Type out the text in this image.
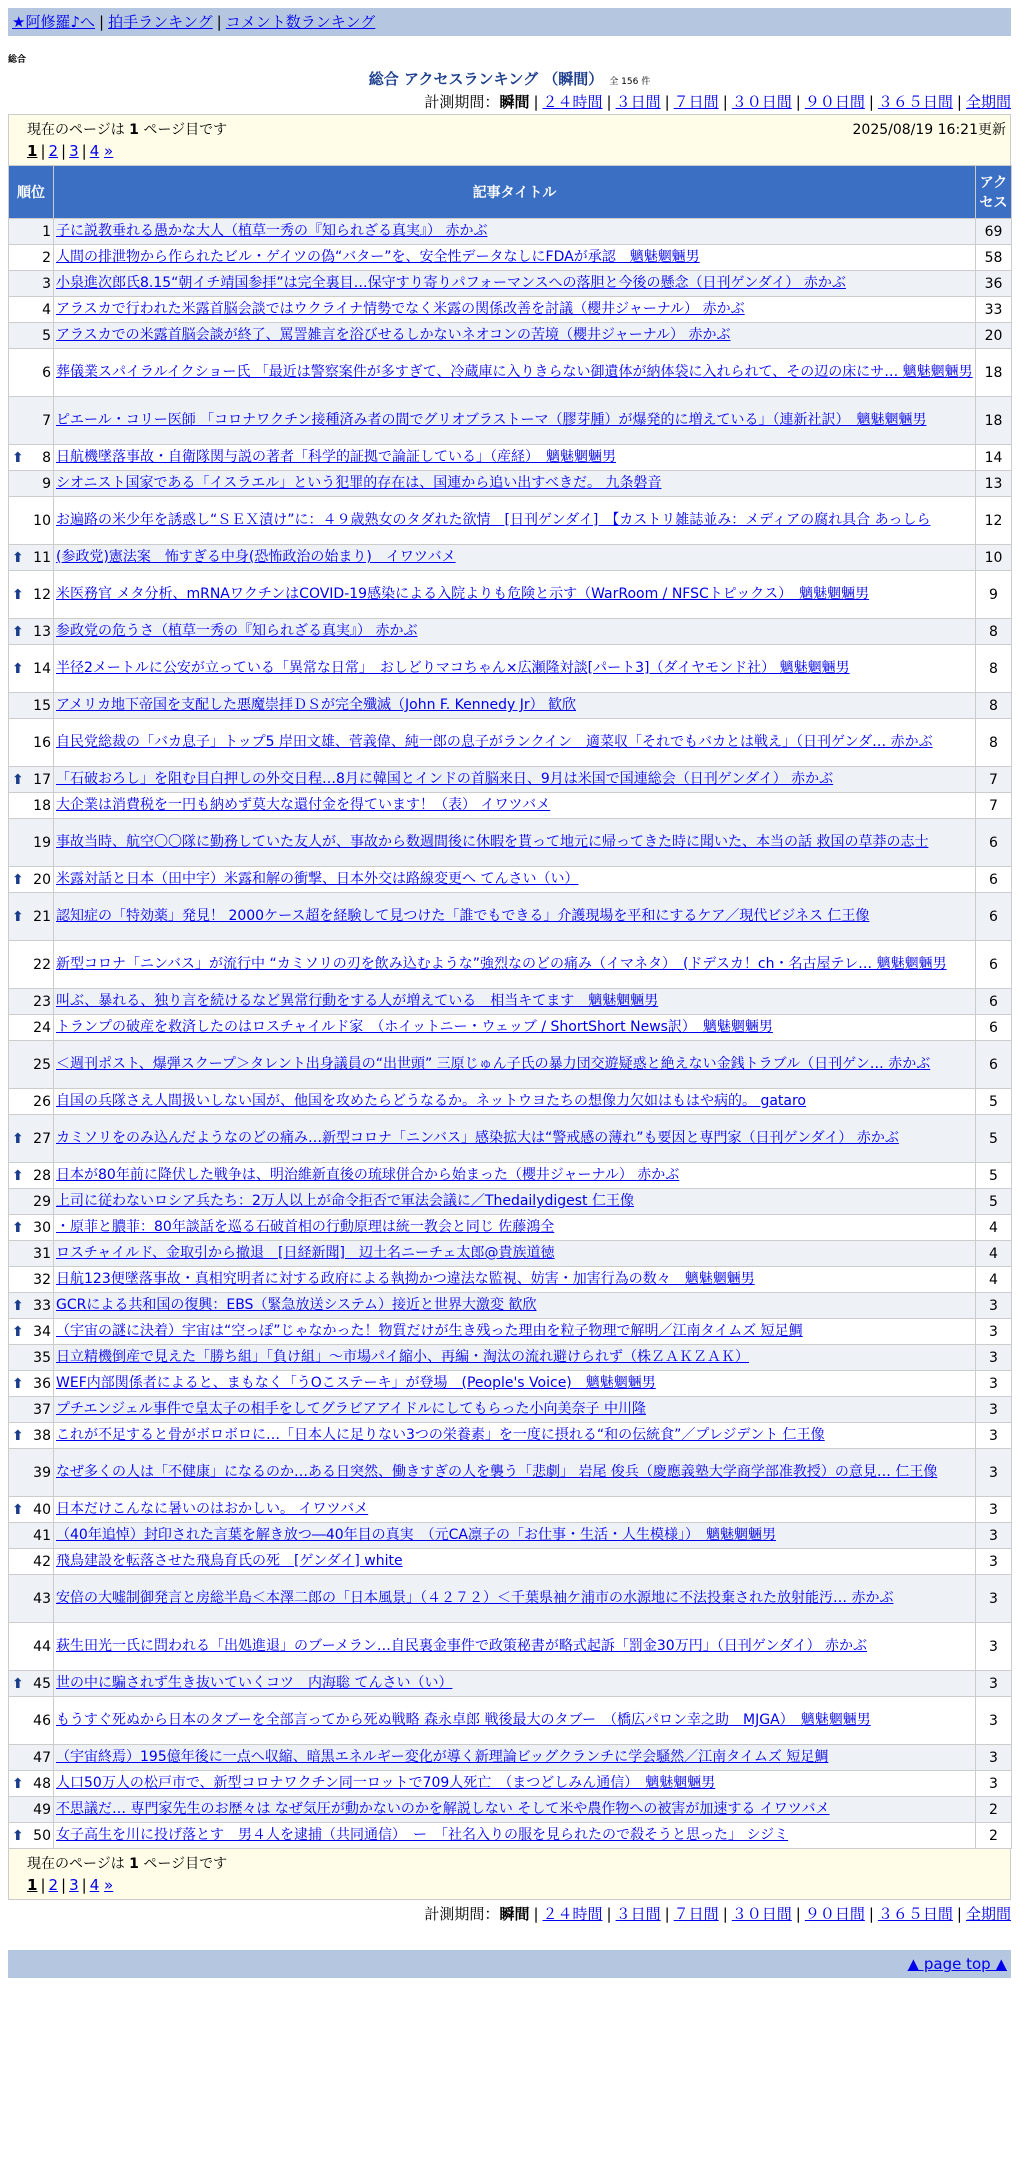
★阿修羅♪へ | 拍手ランキング | コメント数ランキング
総合
総合 アクセスランキング （瞬間） 全 156 件
計測期間：瞬間 | ２４時間 | ３日間 | ７日間 | ３０日間 | ９０日間 | ３６５日間 | 全期間
現在のページは 1 ページ目です	2025/08/19 16:21更新
1 | 2 | 3 | 4 »
順位	記事タイトル	アクセス
1	子に説教垂れる愚かな大人（植草一秀の『知られざる真実』） 赤かぶ	69
2	人間の排泄物から作られたビル・ゲイツの偽“バター”を、安全性データなしにFDAが承認　魑魅魍魎男	58
3	小泉進次郎氏8.15“朝イチ靖国参拝”は完全裏目…保守すり寄りパフォーマンスへの落胆と今後の懸念（日刊ゲンダイ） 赤かぶ	36
4	アラスカで行われた米露首脳会談ではウクライナ情勢でなく米露の関係改善を討議（櫻井ジャーナル） 赤かぶ	33
5	アラスカでの米露首脳会談が終了、罵詈雑言を浴びせるしかないネオコンの苦境（櫻井ジャーナル） 赤かぶ	20
6	葬儀業スパイラルイクショー氏 「最近は警察案件が多すぎて、冷蔵庫に入りきらない御遺体が納体袋に入れられて、その辺の床にサ… 魑魅魍魎男	18
7	ピエール・コリー医師 「コロナワクチン接種済み者の間でグリオブラストーマ（膠芽腫）が爆発的に増えている」（連新社訳）　魑魅魍魎男	18

⬆ 8	日航機墜落事故・自衛隊関与説の著者「科学的証拠で論証している」（産経）　魑魅魍魎男	14
9	シオニスト国家である「イスラエル」という犯罪的存在は、国連から追い出すべきだ。 九条磐音	13
10	お遍路の米少年を誘惑し“ＳＥＸ漬け”に：４９歳熟女のタダれた欲情　[日刊ゲンダイ]　【カストリ雑誌並み：メディアの腐れ具合 あっしら	12

⬆ 11	(参政党)憲法案　怖すぎる中身(恐怖政治の始まり)　イワツバメ	10

⬆ 12	米医務官 メタ分析、mRNAワクチンはCOVID-19感染による入院よりも危険と示す（WarRoom / NFSCトピックス）　魑魅魍魎男	9

⬆ 13	参政党の危うさ（植草一秀の『知られざる真実』） 赤かぶ	8

⬆ 14	半径2メートルに公安が立っている「異常な日常」　おしどりマコちゃん×広瀬隆対談[パート3]（ダイヤモンド社） 魑魅魍魎男	8
15	アメリカ地下帝国を支配した悪魔崇拝ＤＳが完全殲滅（John F. Kennedy Jr） 歓欣	8
16	自民党総裁の「バカ息子」トップ5 岸田文雄、菅義偉、純一郎の息子がランクイン　適菜収「それでもバカとは戦え」（日刊ゲンダ… 赤かぶ	8

⬆ 17	「石破おろし」を阻む目白押しの外交日程…8月に韓国とインドの首脳来日、9月は米国で国連総会（日刊ゲンダイ） 赤かぶ	7
18	大企業は消費税を一円も納めず莫大な還付金を得ています！（表） イワツバメ	7
19	事故当時、航空〇〇隊に勤務していた友人が、事故から数週間後に休暇を貰って地元に帰ってきた時に聞いた、本当の話 救国の草莽の志士	6

⬆ 20	米露対話と日本（田中宇）米露和解の衝撃、日本外交は路線変更へ てんさい（い）	6

⬆ 21	認知症の「特効薬」発見！ 2000ケース超を経験して見つけた「誰でもできる」介護現場を平和にするケア／現代ビジネス 仁王像	6
22	新型コロナ「ニンバス」が流行中 “カミソリの刃を飲み込むような”強烈なのどの痛み（イマネタ）　(ドデスカ！ch・名古屋テレ… 魑魅魍魎男	6
23	叫ぶ、暴れる、独り言を続けるなど異常行動をする人が増えている　相当キてます　魑魅魍魎男	6
24	トランプの破産を救済したのはロスチャイルド家　（ホイットニー・ウェッブ / ShortShort News訳）　魑魅魍魎男	6
25	＜週刊ポスト、爆弾スクープ＞タレント出身議員の“出世頭” 三原じゅん子氏の暴力団交遊疑惑と絶えない金銭トラブル（日刊ゲン… 赤かぶ	6
26	自国の兵隊さえ人間扱いしない国が、他国を攻めたらどうなるか。ネットウヨたちの想像力欠如はもはや病的。 gataro	5

⬆ 27	カミソリをのみ込んだようなのどの痛み…新型コロナ「ニンバス」感染拡大は“警戒感の薄れ”も要因と専門家（日刊ゲンダイ） 赤かぶ	5

⬆ 28	日本が80年前に降伏した戦争は、明治維新直後の琉球併合から始まった（櫻井ジャーナル） 赤かぶ	5
29	上司に従わないロシア兵たち：2万人以上が命令拒否で軍法会議に／Thedailydigest 仁王像	5

⬆ 30	・原菲と膿菲：80年談話を巡る石破首相の行動原理は統一教会と同じ 佐藤鴻全	4
31	ロスチャイルド、金取引から撤退　[日経新聞]　辺土名ニーチェ太郎@貴族道徳	4
32	日航123便墜落事故・真相究明者に対する政府による執拗かつ違法な監視、妨害・加害行為の数々　魑魅魍魎男	4

⬆ 33	GCRによる共和国の復興：EBS（緊急放送システム）接近と世界大激変 歓欣	3

⬆ 34	（宇宙の謎に決着）宇宙は“空っぽ”じゃなかった！物質だけが生き残った理由を粒子物理で解明／江南タイムズ 短足鯛	3
35	日立精機倒産で見えた「勝ち組」「負け組」〜市場パイ縮小、再編・淘汰の流れ避けられず（株ＺＡＫＺＡＫ）	3

⬆ 36	WEF内部関係者によると、まもなく「うOこステーキ」が登場　(People's Voice)　魑魅魍魎男	3
37	プチエンジェル事件で皇太子の相手をしてグラビアアイドルにしてもらった小向美奈子 中川隆	3

⬆ 38	これが不足すると骨がボロボロに…「日本人に足りない3つの栄養素」を一度に摂れる“和の伝統食”／プレジデント 仁王像	3
39	なぜ多くの人は「不健康」になるのか…ある日突然、働きすぎの人を襲う「悲劇」 岩尾 俊兵（慶應義塾大学商学部准教授）の意見… 仁王像	3

⬆ 40	日本だけこんなに暑いのはおかしい。 イワツバメ	3
41	（40年追悼）封印された言葉を解き放つ―40年目の真実　（元CA凛子の「お仕事・生活・人生模様」）　魑魅魍魎男	3
42	飛鳥建設を転落させた飛鳥育氏の死　[ゲンダイ] white	3
43	安倍の大嘘制御発言と房総半島＜本澤二郎の「日本風景」（４２７２）＜千葉県袖ケ浦市の水源地に不法投棄された放射能汚… 赤かぶ	3
44	萩生田光一氏に問われる「出処進退」のブーメラン…自民裏金事件で政策秘書が略式起訴「罰金30万円」（日刊ゲンダイ） 赤かぶ	3

⬆ 45	世の中に騙されず生き抜いていくコツ　内海聡 てんさい（い）	3
46	もうすぐ死ぬから日本のタブーを全部言ってから死ぬ戦略 森永卓郎 戦後最大のタブー　（橋広パロン幸之助　MJGA）　魑魅魍魎男	3
47	（宇宙終焉）195億年後に一点へ収縮、暗黒エネルギー変化が導く新理論ビッグクランチに学会騒然／江南タイムズ 短足鯛	3

⬆ 48	人口50万人の松戸市で、新型コロナワクチン同一ロットで709人死亡　（まつどしみん通信）　魑魅魍魎男	3
49	不思議だ… 専門家先生のお歴々は なぜ気圧が動かないのかを解説しない そして米や農作物への被害が加速する イワツバメ	2

⬆ 50	女子高生を川に投げ落とす　男４人を逮捕（共同通信）　ー　「社名入りの服を見られたので殺そうと思った」 シジミ	2
現在のページは 1 ページ目です
1 | 2 | 3 | 4 »
計測期間：瞬間 | ２４時間 | ３日間 | ７日間 | ３０日間 | ９０日間 | ３６５日間 | 全期間
▲ page top ▲
